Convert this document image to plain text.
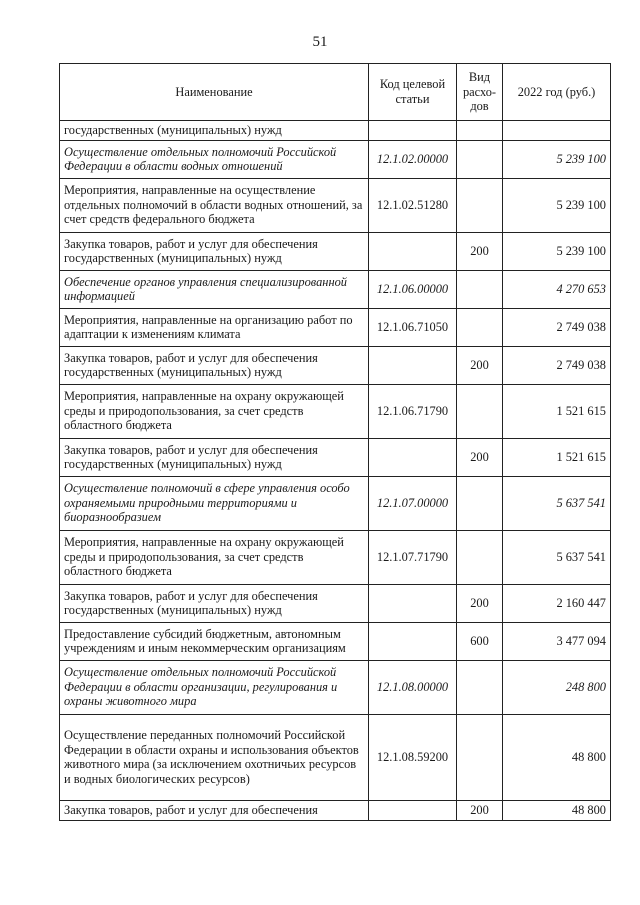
51
Наименование	Код целевой статьи	Вид расхо-дов	2022 год (руб.)
государственных (муниципальных) нужд			
Осуществление отдельных полномочий Российской Федерации в области водных отношений	12.1.02.00000		5 239 100
Мероприятия, направленные на осуществление отдельных полномочий в области водных отношений, за счет средств федерального бюджета	12.1.02.51280		5 239 100
Закупка товаров, работ и услуг для обеспечения государственных (муниципальных) нужд		200	5 239 100
Обеспечение органов управления специализированной информацией	12.1.06.00000		4 270 653
Мероприятия, направленные на организацию работ по адаптации к изменениям климата	12.1.06.71050		2 749 038
Закупка товаров, работ и услуг для обеспечения государственных (муниципальных) нужд		200	2 749 038
Мероприятия, направленные на охрану окружающей среды и природопользования, за счет средств областного бюджета	12.1.06.71790		1 521 615
Закупка товаров, работ и услуг для обеспечения государственных (муниципальных) нужд		200	1 521 615
Осуществление полномочий в сфере управления особо охраняемыми природными территориями и биоразнообразием	12.1.07.00000		5 637 541
Мероприятия, направленные на охрану окружающей среды и природопользования, за счет средств областного бюджета	12.1.07.71790		5 637 541
Закупка товаров, работ и услуг для обеспечения государственных (муниципальных) нужд		200	2 160 447
Предоставление субсидий бюджетным, автономным учреждениям и иным некоммерческим организациям		600	3 477 094
Осуществление отдельных полномочий Российской Федерации в области организации, регулирования и охраны животного мира	12.1.08.00000		248 800
Осуществление переданных полномочий Российской Федерации в области охраны и использования объектов животного мира (за исключением охотничьих ресурсов и водных биологических ресурсов)	12.1.08.59200		48 800
Закупка товаров, работ и услуг для обеспечения		200	48 800
